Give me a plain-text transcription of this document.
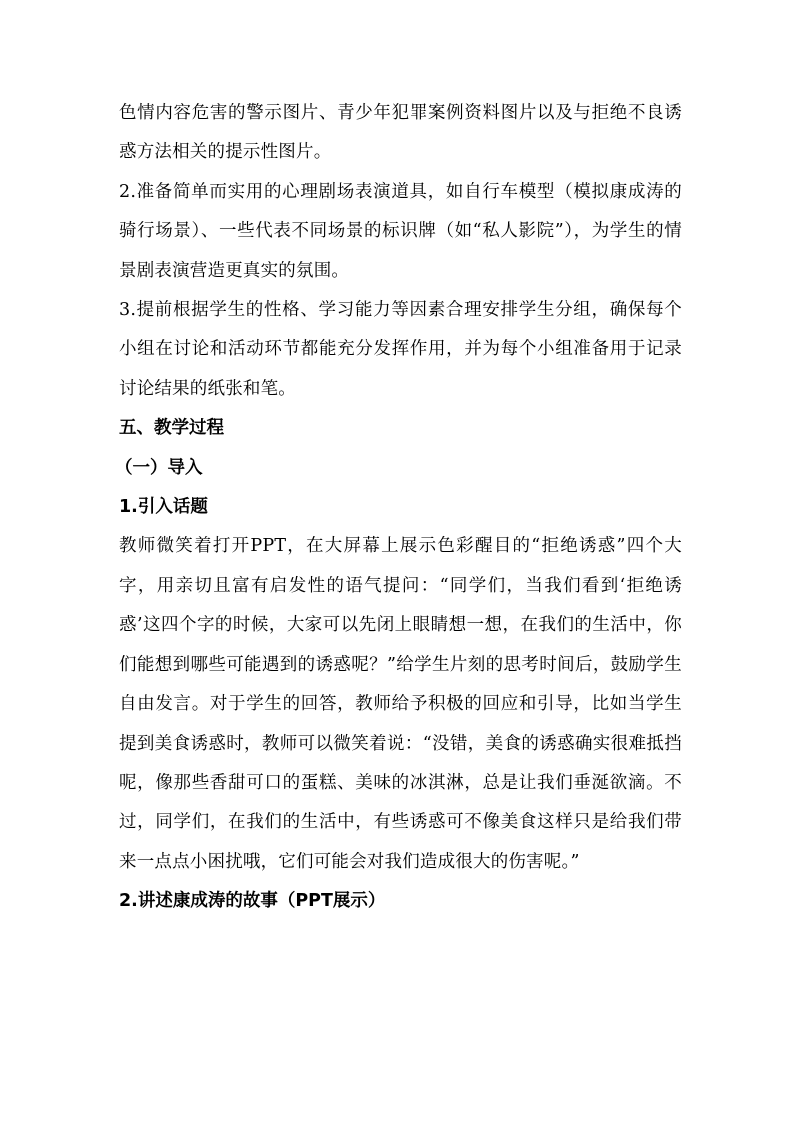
色情内容危害的警示图片、青少年犯罪案例资料图片以及与拒绝不良诱惑方法相关的提示性图片。

2.准备简单而实用的心理剧场表演道具，如自行车模型（模拟康成涛的骑行场景）、一些代表不同场景的标识牌（如“私人影院”），为学生的情景剧表演营造更真实的氛围。

3.提前根据学生的性格、学习能力等因素合理安排学生分组，确保每个小组在讨论和活动环节都能充分发挥作用，并为每个小组准备用于记录讨论结果的纸张和笔。

五、教学过程
（一）导入
1.引入话题

教师微笑着打开PPT，在大屏幕上展示色彩醒目的“拒绝诱惑”四个大字，用亲切且富有启发性的语气提问：“同学们，当我们看到‘拒绝诱惑’这四个字的时候，大家可以先闭上眼睛想一想，在我们的生活中，你们能想到哪些可能遇到的诱惑呢？”给学生片刻的思考时间后，鼓励学生自由发言。对于学生的回答，教师给予积极的回应和引导，比如当学生提到美食诱惑时，教师可以微笑着说：“没错，美食的诱惑确实很难抵挡呢，像那些香甜可口的蛋糕、美味的冰淇淋，总是让我们垂涎欲滴。不过，同学们，在我们的生活中，有些诱惑可不像美食这样只是给我们带来一点点小困扰哦，它们可能会对我们造成很大的伤害呢。”

2.讲述康成涛的故事（PPT展示）
